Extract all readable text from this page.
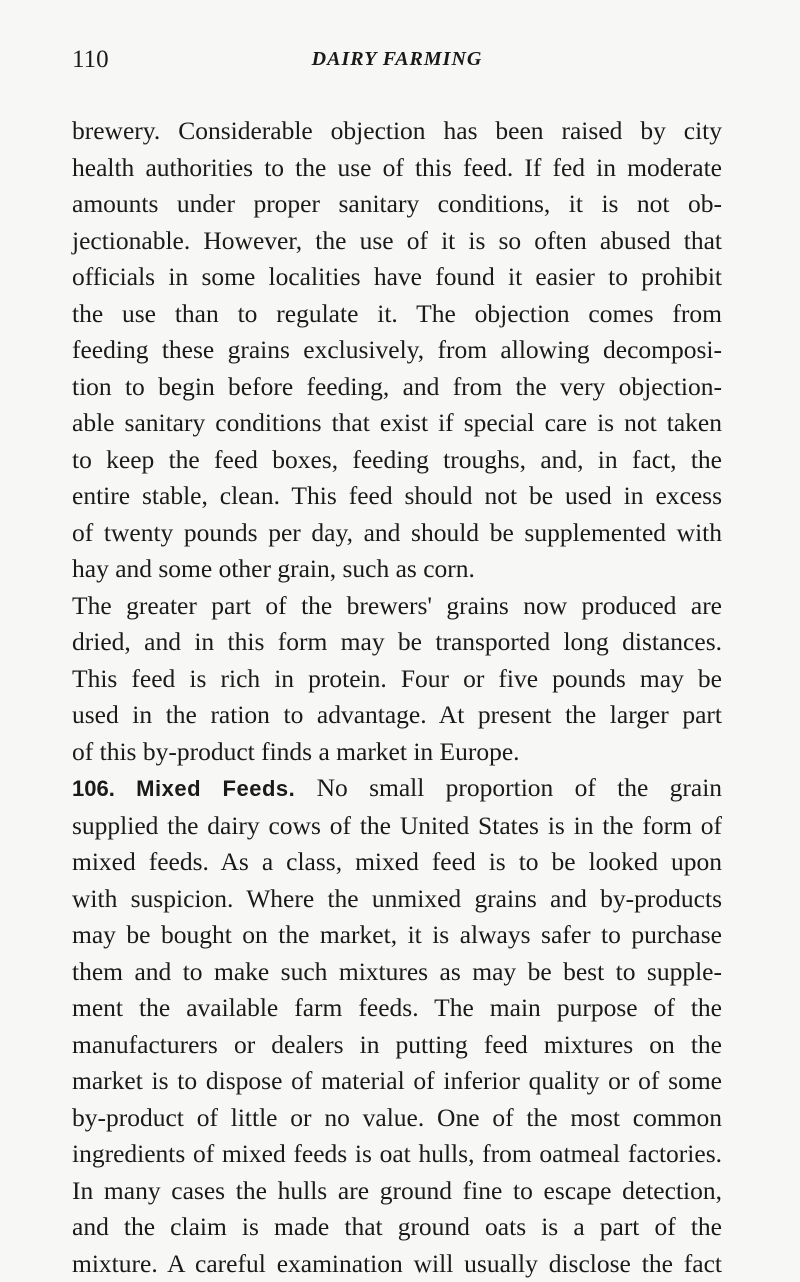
110	DAIRY FARMING
brewery. Considerable objection has been raised by city
health authorities to the use of this feed. If fed in moderate
amounts under proper sanitary conditions, it is not ob-
jectionable. However, the use of it is so often abused that
officials in some localities have found it easier to prohibit
the use than to regulate it. The objection comes from
feeding these grains exclusively, from allowing decomposi-
tion to begin before feeding, and from the very objection-
able sanitary conditions that exist if special care is not taken
to keep the feed boxes, feeding troughs, and, in fact, the
entire stable, clean. This feed should not be used in excess
of twenty pounds per day, and should be supplemented with
hay and some other grain, such as corn.
The greater part of the brewers' grains now produced are
dried, and in this form may be transported long distances.
This feed is rich in protein. Four or five pounds may be
used in the ration to advantage. At present the larger part
of this by-product finds a market in Europe.
106. Mixed Feeds. No small proportion of the grain
supplied the dairy cows of the United States is in the form of
mixed feeds. As a class, mixed feed is to be looked upon
with suspicion. Where the unmixed grains and by-products
may be bought on the market, it is always safer to purchase
them and to make such mixtures as may be best to supple-
ment the available farm feeds. The main purpose of the
manufacturers or dealers in putting feed mixtures on the
market is to dispose of material of inferior quality or of some
by-product of little or no value. One of the most common
ingredients of mixed feeds is oat hulls, from oatmeal factories.
In many cases the hulls are ground fine to escape detection,
and the claim is made that ground oats is a part of the
mixture. A careful examination will usually disclose the fact
